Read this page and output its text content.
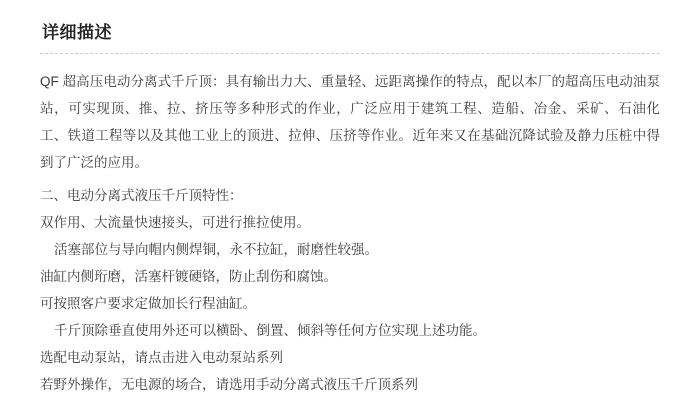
详细描述

QF 超高压电动分离式千斤顶：具有输出力大、重量轻、远距离操作的特点，配以本厂的超高压电动油泵站，可实现顶、推、拉、挤压等多种形式的作业，广泛应用于建筑工程、造船、冶金、采矿、石油化工、铁道工程等以及其他工业上的顶进、拉伸、压挤等作业。近年来又在基础沉降试验及静力压桩中得到了广泛的应用。

二、电动分离式液压千斤顶特性：

双作用、大流量快速接头，可进行推拉使用。
活塞部位与导向帽内侧焊铜，永不拉缸，耐磨性较强。
油缸内侧珩磨，活塞杆镀硬铬，防止刮伤和腐蚀。
可按照客户要求定做加长行程油缸。
千斤顶除垂直使用外还可以横卧、倒置、倾斜等任何方位实现上述功能。

选配电动泵站，请点击进入电动泵站系列

若野外操作，无电源的场合，请选用手动分离式液压千斤顶系列
